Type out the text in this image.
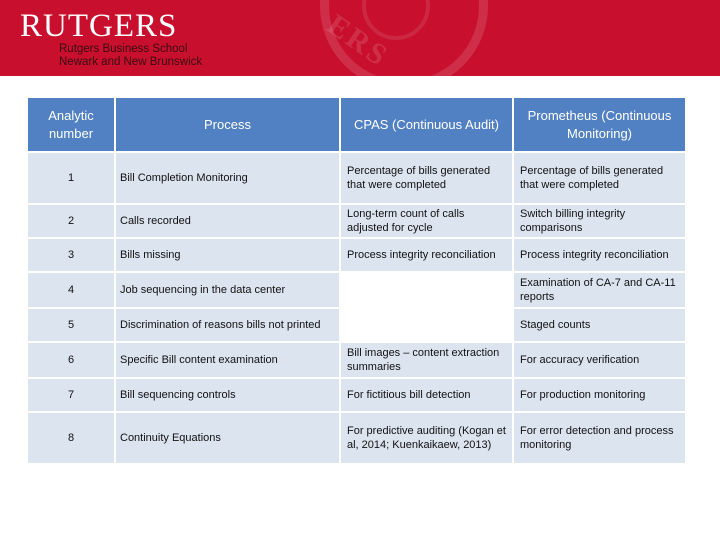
ERS
RUTGERS
Rutgers Business School
Newark and New Brunswick
Analytic number	Process	CPAS (Continuous Audit)	Prometheus (Continuous Monitoring)
1	Bill Completion Monitoring	Percentage of bills generated that were completed	Percentage of bills generated that were completed
2	Calls recorded	Long-term count of calls adjusted for cycle	Switch billing integrity comparisons
3	Bills missing	Process integrity reconciliation	Process integrity reconciliation
4	Job sequencing in the data center		Examination of CA-7 and CA-11 reports
5	Discrimination of reasons bills not printed		Staged counts
6	Specific Bill content examination	Bill images – content extraction summaries	For accuracy verification
7	Bill sequencing controls	For fictitious bill detection	For production monitoring
8	Continuity Equations	For predictive auditing (Kogan et al, 2014; Kuenkaikaew, 2013)	For error detection and process monitoring
